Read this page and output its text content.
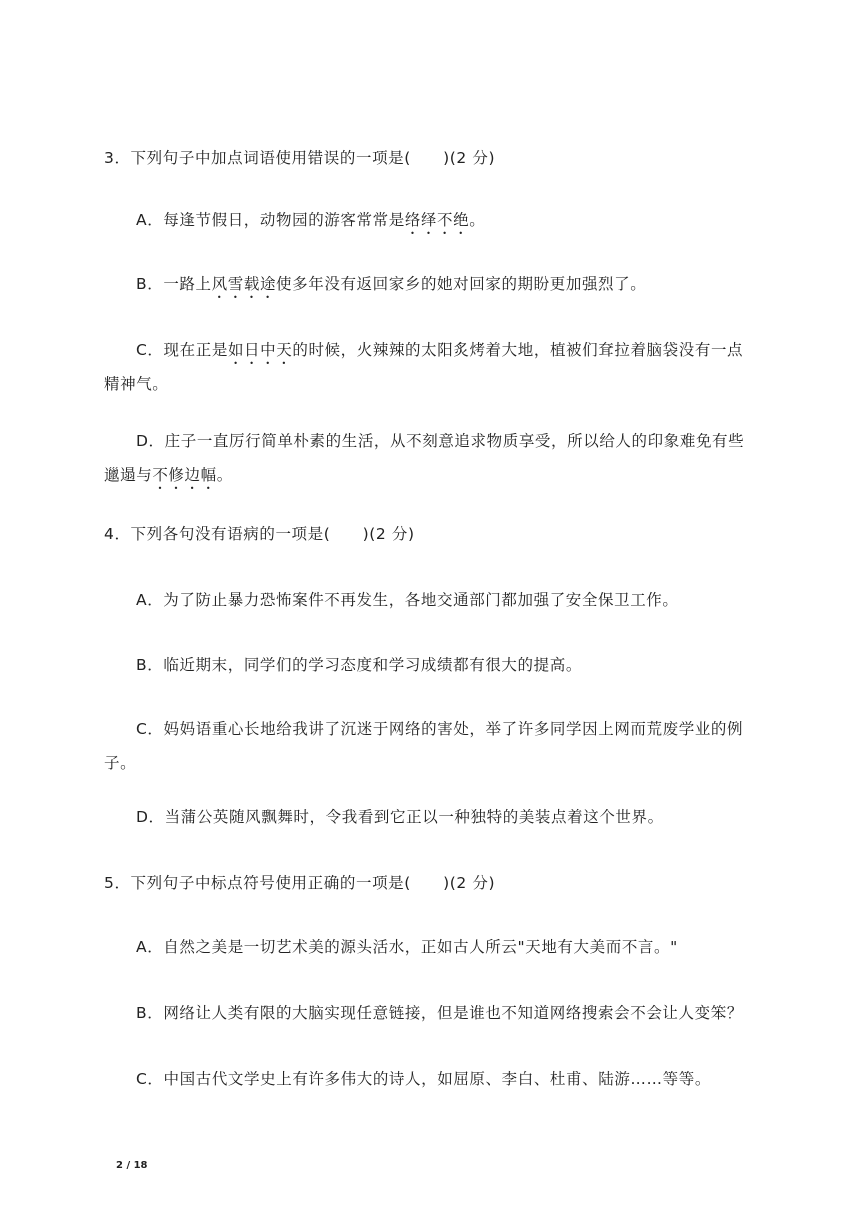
3．下列句子中加点词语使用错误的一项是(　　)(2 分)
A．每逢节假日，动物园的游客常常是络绎不绝。
B．一路上风雪载途使多年没有返回家乡的她对回家的期盼更加强烈了。
C．现在正是如日中天的时候，火辣辣的太阳炙烤着大地，植被们耷拉着脑袋没有一点
精神气。
D．庄子一直厉行简单朴素的生活，从不刻意追求物质享受，所以给人的印象难免有些
邋遢与不修边幅。
4．下列各句没有语病的一项是(　　)(2 分)
A．为了防止暴力恐怖案件不再发生，各地交通部门都加强了安全保卫工作。
B．临近期末，同学们的学习态度和学习成绩都有很大的提高。
C．妈妈语重心长地给我讲了沉迷于网络的害处，举了许多同学因上网而荒废学业的例
子。
D．当蒲公英随风飘舞时，令我看到它正以一种独特的美装点着这个世界。
5．下列句子中标点符号使用正确的一项是(　　)(2 分)
A．自然之美是一切艺术美的源头活水，正如古人所云"天地有大美而不言。"
B．网络让人类有限的大脑实现任意链接，但是谁也不知道网络搜索会不会让人变笨？
C．中国古代文学史上有许多伟大的诗人，如屈原、李白、杜甫、陆游……等等。
2 / 18
